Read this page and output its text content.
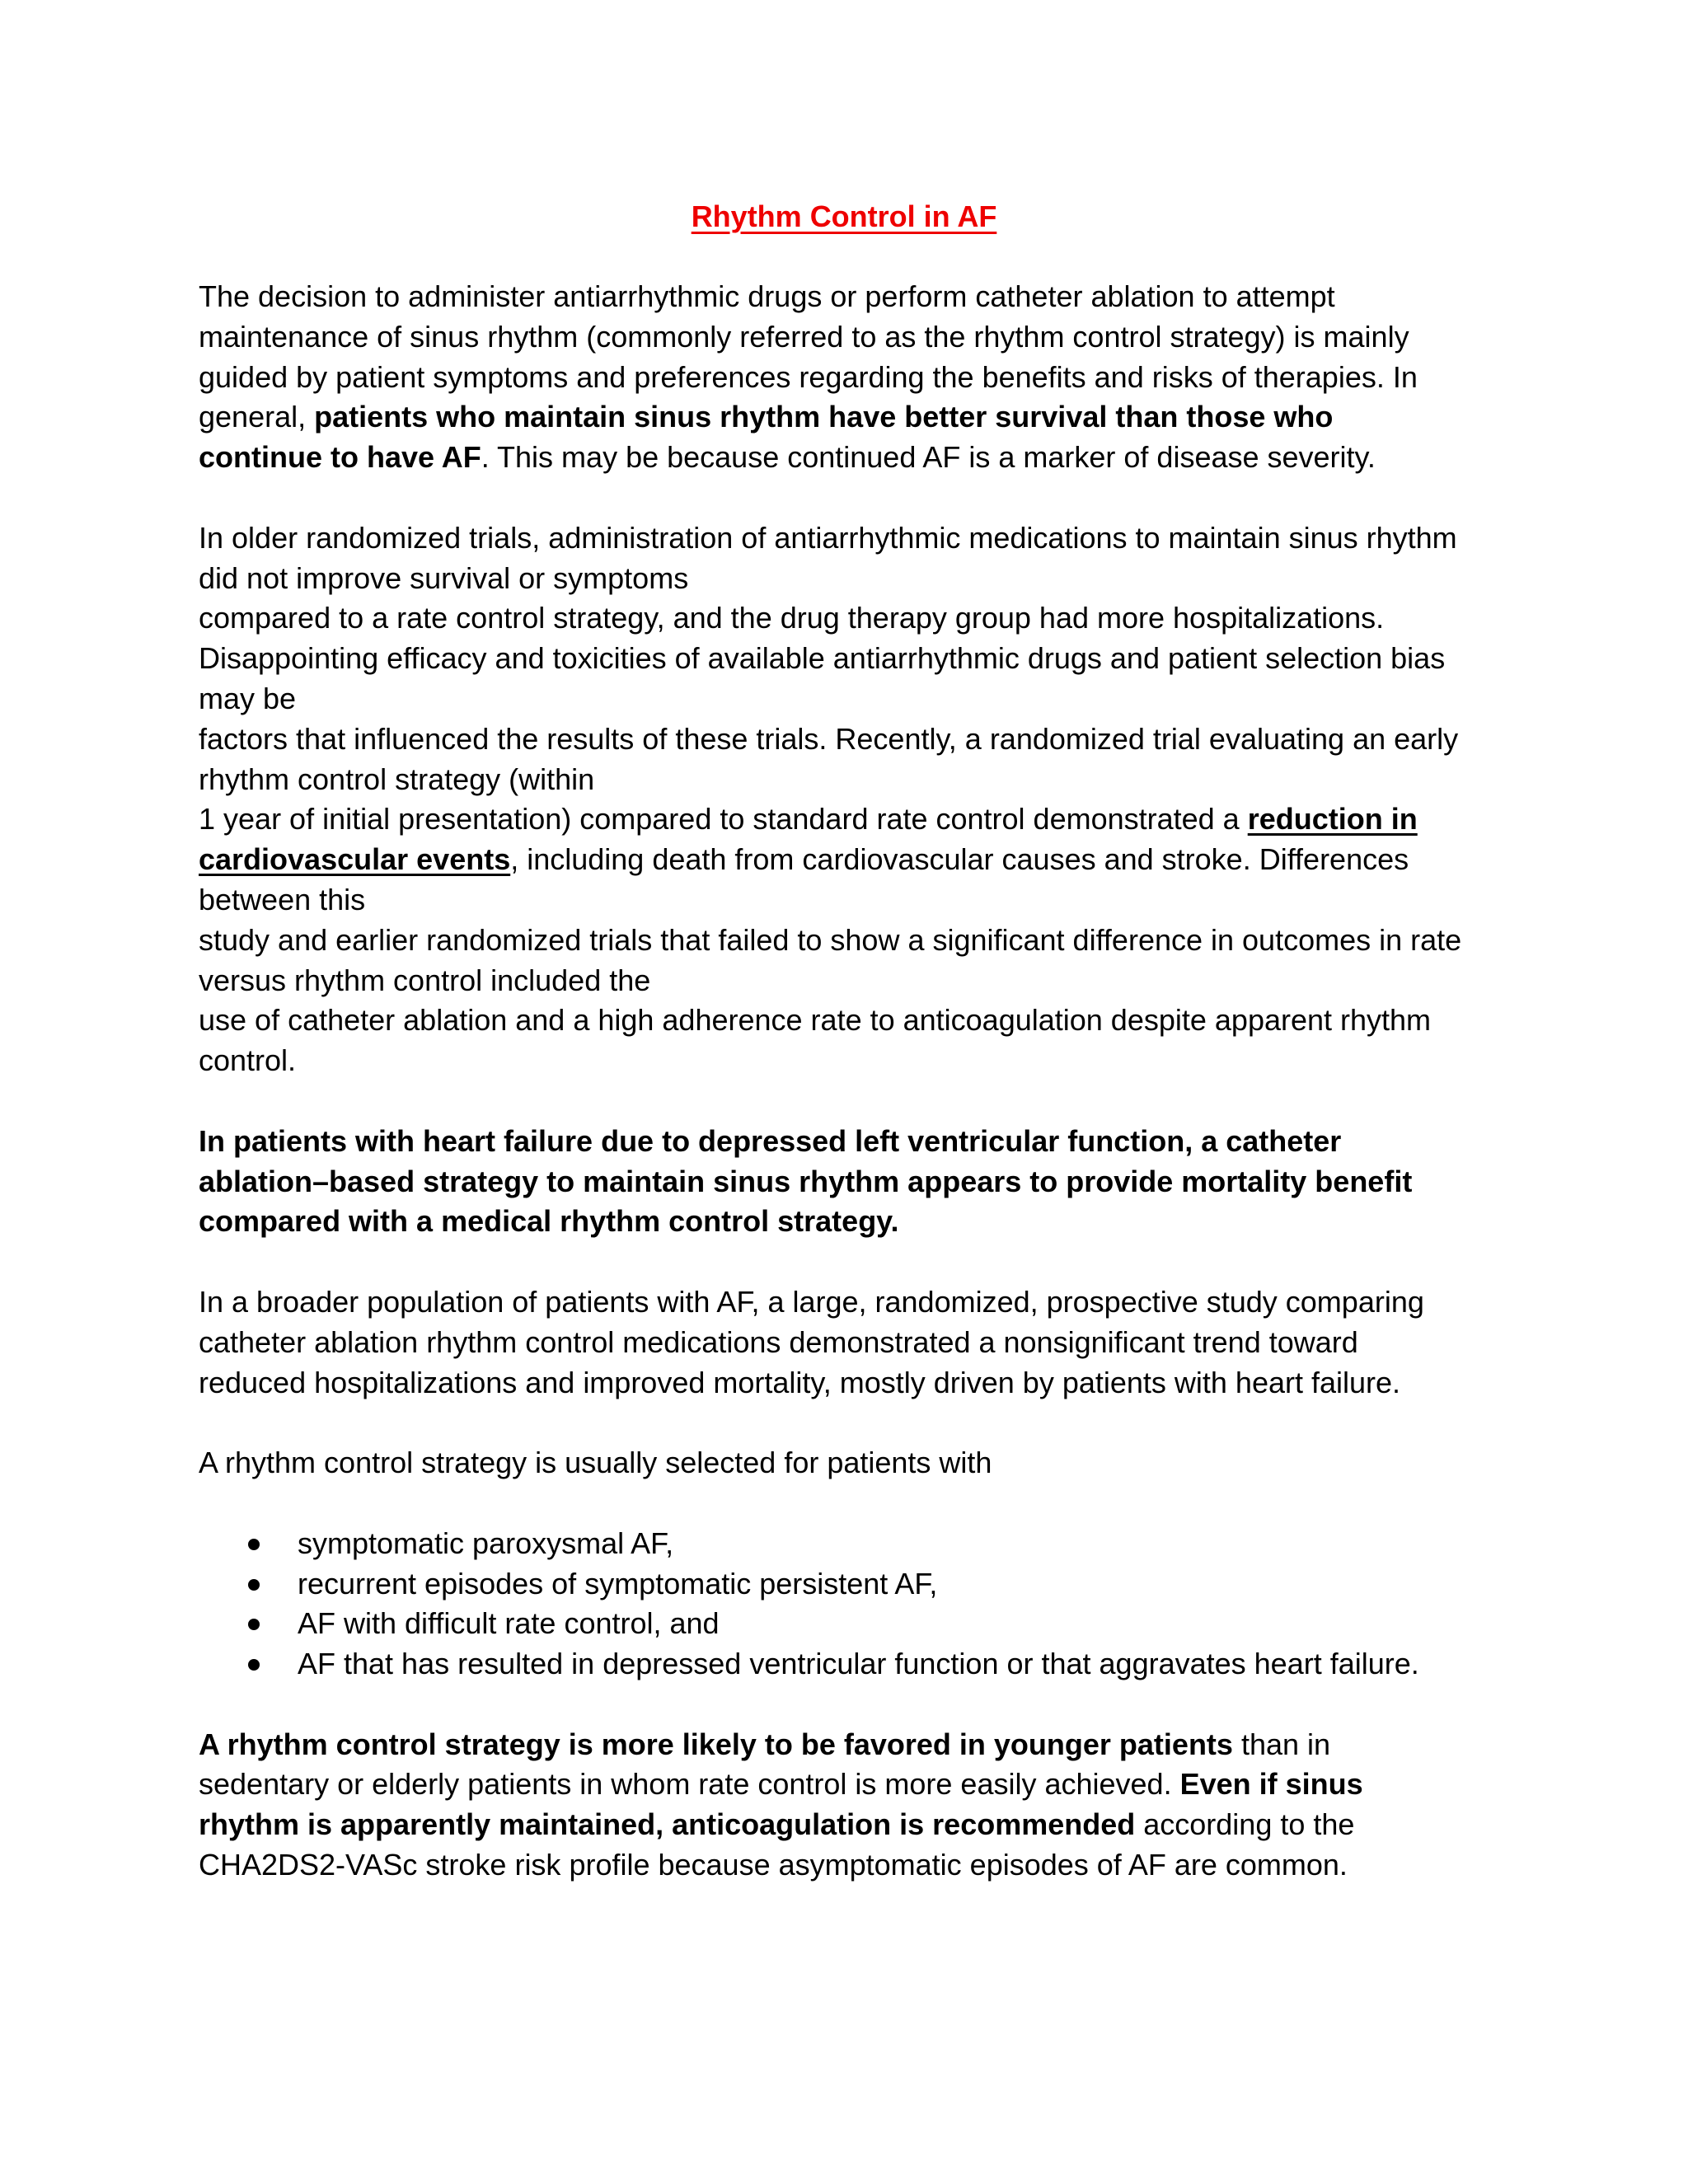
Rhythm Control in AF

The decision to administer antiarrhythmic drugs or perform catheter ablation to attempt
maintenance of sinus rhythm (commonly referred to as the rhythm control strategy) is mainly
guided by patient symptoms and preferences regarding the benefits and risks of therapies. In
general, patients who maintain sinus rhythm have better survival than those who
continue to have AF. This may be because continued AF is a marker of disease severity.

In older randomized trials, administration of antiarrhythmic medications to maintain sinus rhythm
did not improve survival or symptoms
compared to a rate control strategy, and the drug therapy group had more hospitalizations.
Disappointing efficacy and toxicities of available antiarrhythmic drugs and patient selection bias
may be
factors that influenced the results of these trials. Recently, a randomized trial evaluating an early
rhythm control strategy (within
1 year of initial presentation) compared to standard rate control demonstrated a reduction in
cardiovascular events, including death from cardiovascular causes and stroke. Differences
between this
study and earlier randomized trials that failed to show a significant difference in outcomes in rate
versus rhythm control included the
use of catheter ablation and a high adherence rate to anticoagulation despite apparent rhythm
control.

In patients with heart failure due to depressed left ventricular function, a catheter
ablation–based strategy to maintain sinus rhythm appears to provide mortality benefit
compared with a medical rhythm control strategy.

In a broader population of patients with AF, a large, randomized, prospective study comparing
catheter ablation rhythm control medications demonstrated a nonsignificant trend toward
reduced hospitalizations and improved mortality, mostly driven by patients with heart failure.

A rhythm control strategy is usually selected for patients with

symptomatic paroxysmal AF,
recurrent episodes of symptomatic persistent AF,
AF with difficult rate control, and
AF that has resulted in depressed ventricular function or that aggravates heart failure.

A rhythm control strategy is more likely to be favored in younger patients than in
sedentary or elderly patients in whom rate control is more easily achieved. Even if sinus
rhythm is apparently maintained, anticoagulation is recommended according to the
CHA2DS2-VASc stroke risk profile because asymptomatic episodes of AF are common.
